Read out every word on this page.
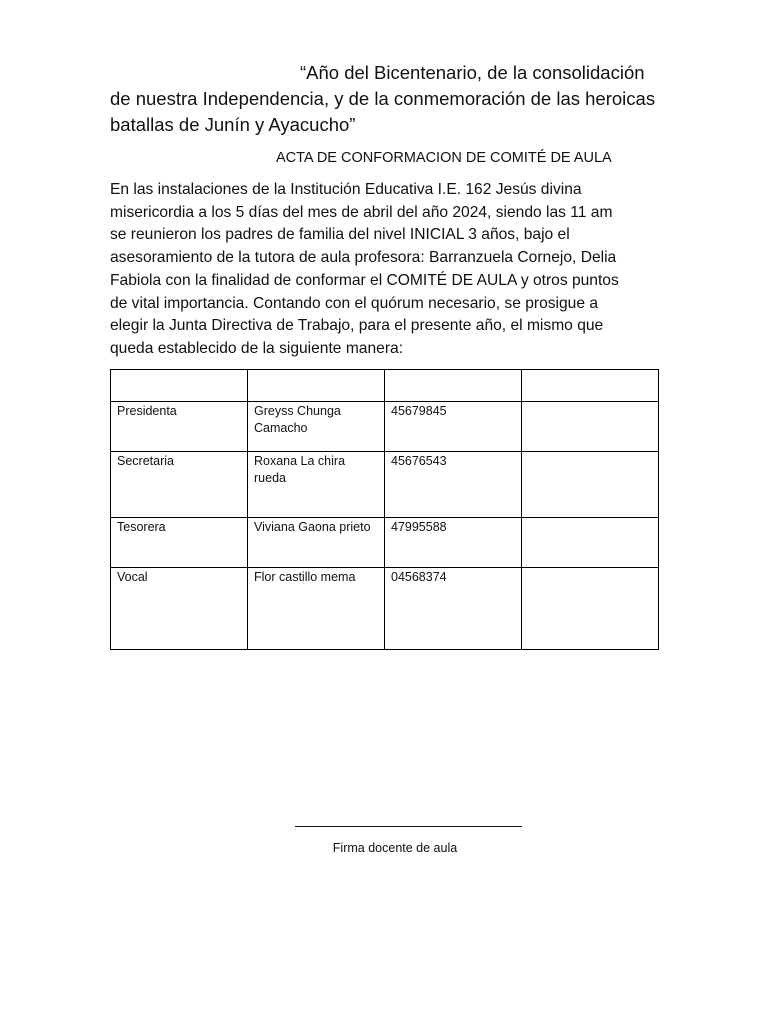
“Año del Bicentenario, de la consolidación de nuestra Independencia, y de la conmemoración de las heroicas batallas de Junín y Ayacucho”

ACTA DE CONFORMACION DE COMITÉ DE AULA

En las instalaciones de la Institución Educativa I.E. 162 Jesús divina
misericordia a los 5 días del mes de abril del año 2024, siendo las 11 am
se reunieron los padres de familia del nivel INICIAL 3 años, bajo el
asesoramiento de la tutora de aula profesora: Barranzuela Cornejo, Delia
Fabiola con la finalidad de conformar el COMITÉ DE AULA y otros puntos
de vital importancia. Contando con el quórum necesario, se prosigue a
elegir la Junta Directiva de Trabajo, para el presente año, el mismo que
queda establecido de la siguiente manera:

Presidenta	Greyss Chunga Camacho	45679845	
Secretaria	Roxana La chira rueda	45676543	
Tesorera	Viviana Gaona prieto	47995588	
Vocal	Flor castillo mema	04568374	
Firma docente de aula
